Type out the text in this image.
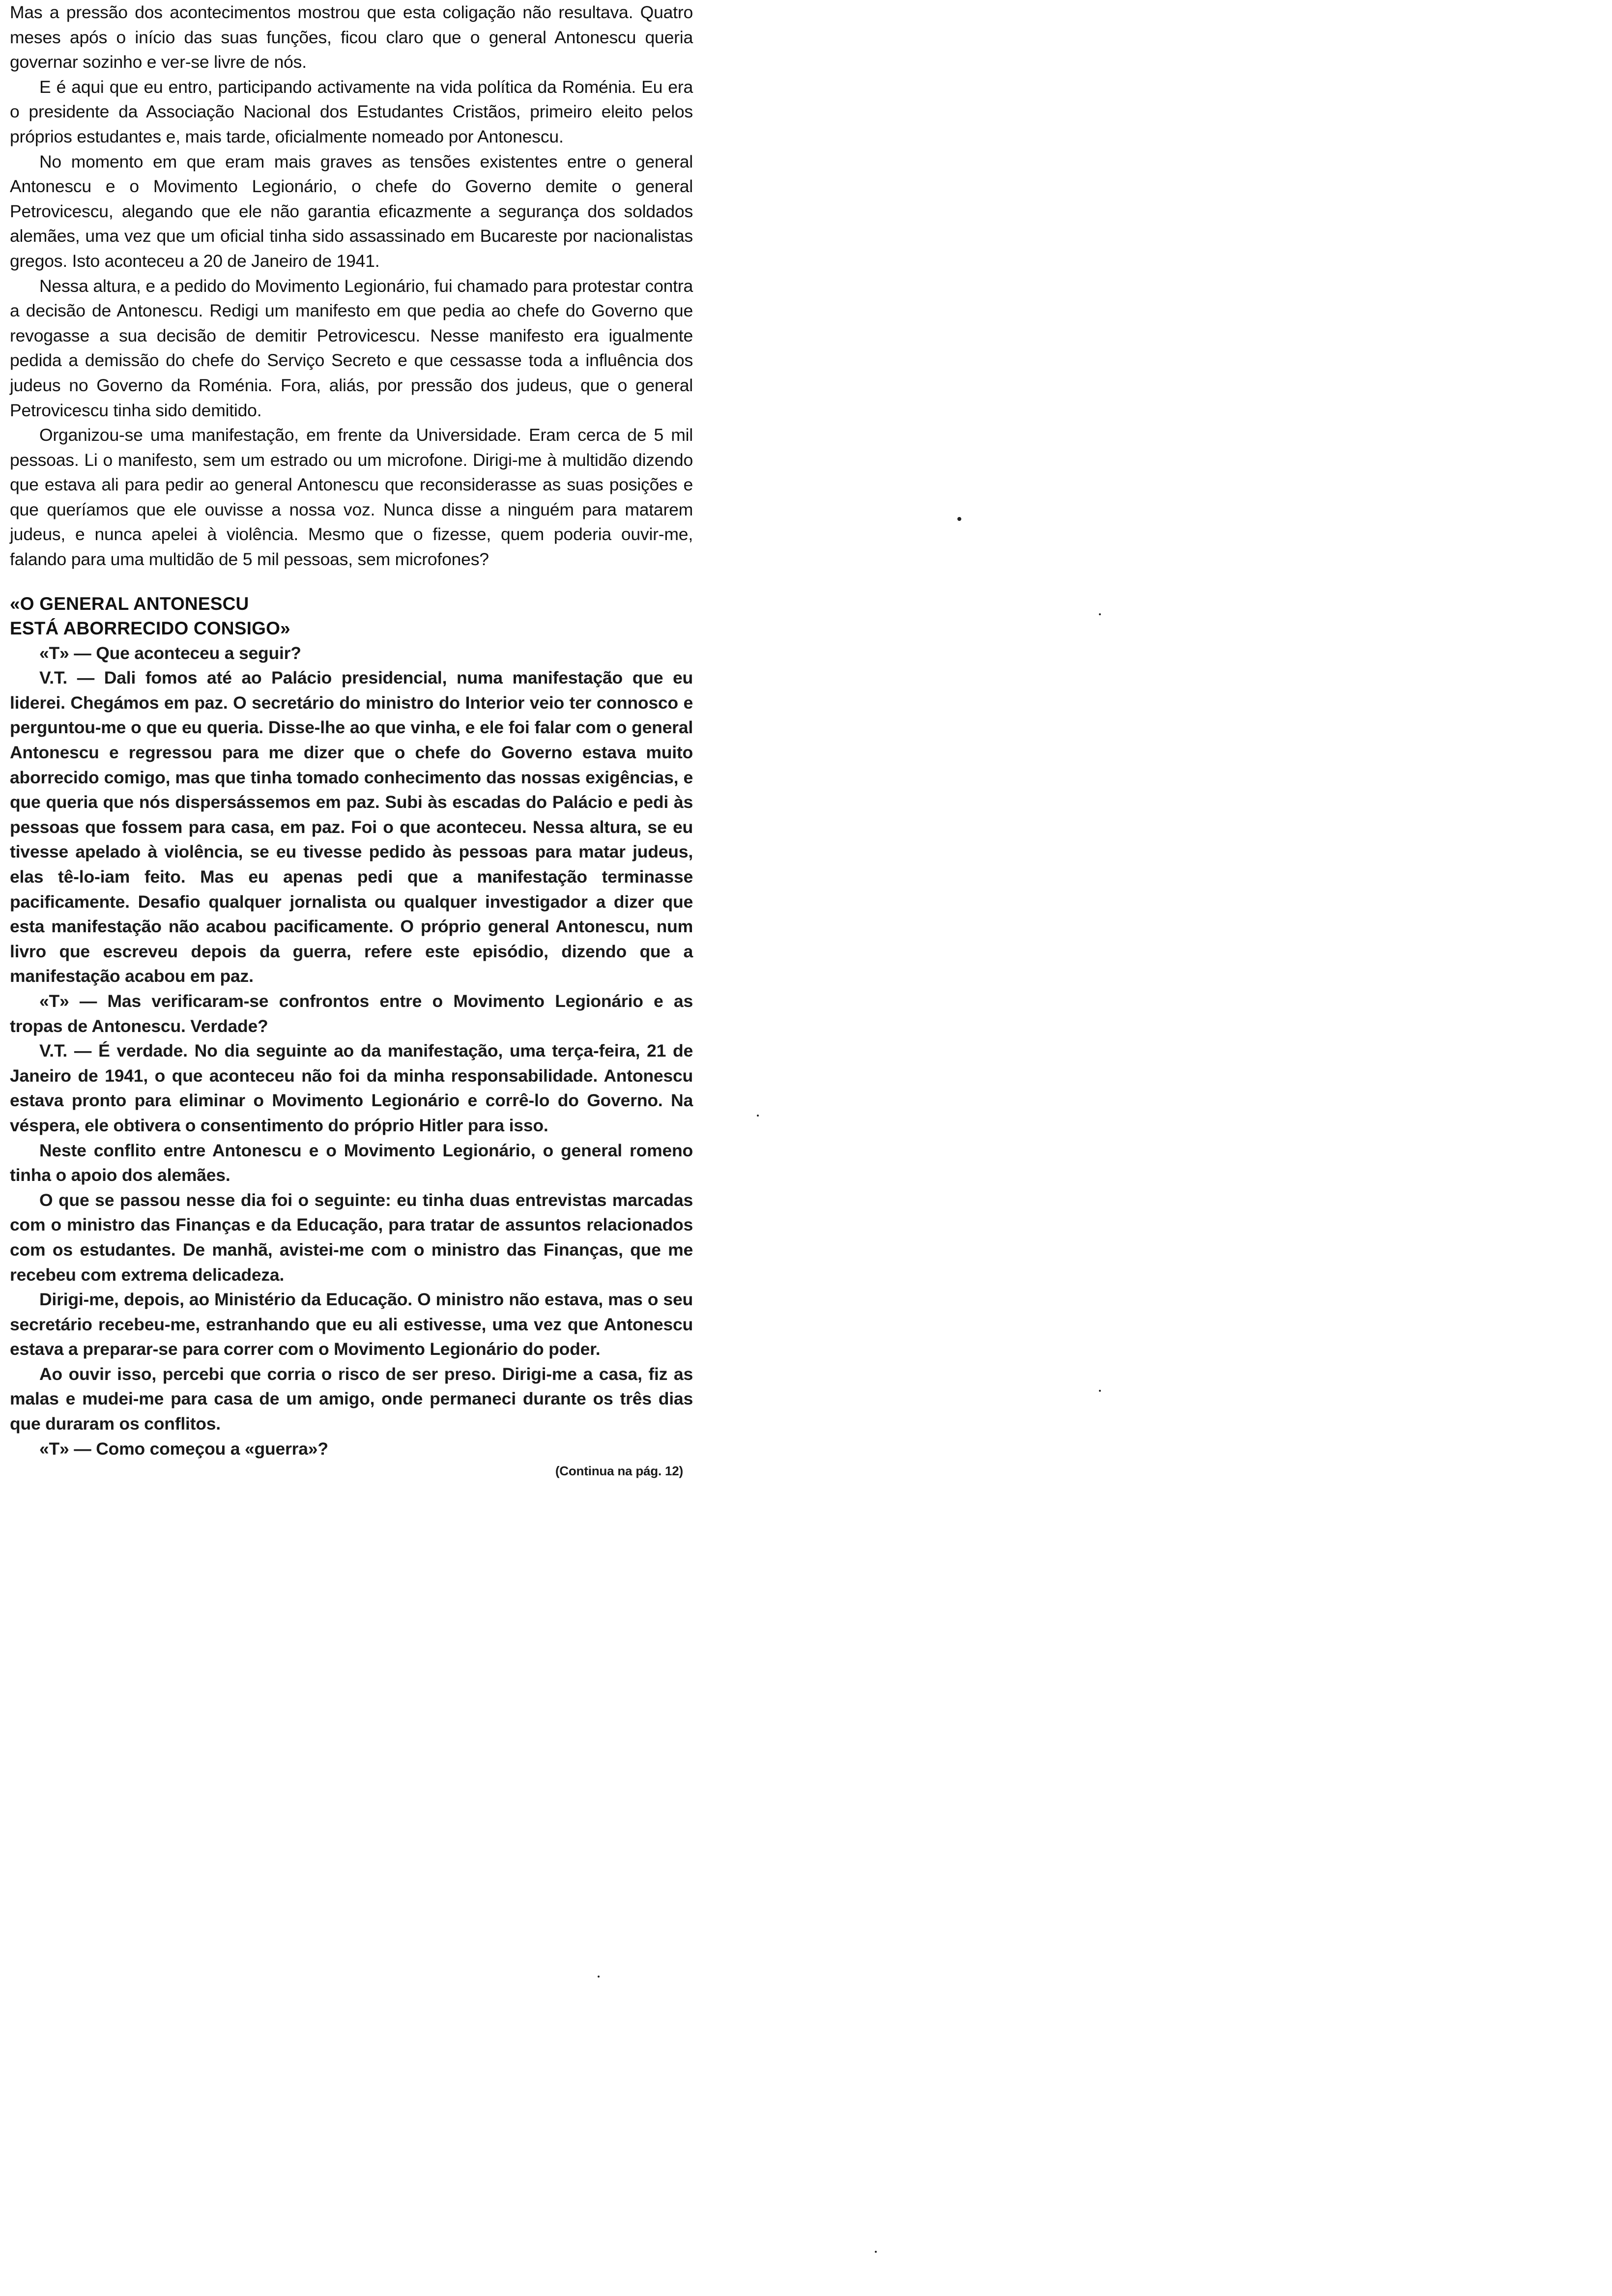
Mas a pressão dos acontecimentos mostrou que esta coligação não resultava. Quatro meses após o início das suas funções, ficou claro que o general Antonescu queria governar sozinho e ver-se livre de nós.

E é aqui que eu entro, participando activamente na vida política da Roménia. Eu era o presidente da Associação Nacional dos Estudantes Cristãos, primeiro eleito pelos próprios estudantes e, mais tarde, oficialmente nomeado por Antonescu.

No momento em que eram mais graves as tensões existentes entre o general Antonescu e o Movimento Legionário, o chefe do Governo demite o general Petrovicescu, alegando que ele não garantia eficazmente a segurança dos soldados alemães, uma vez que um oficial tinha sido assassinado em Bucareste por nacionalistas gregos. Isto aconteceu a 20 de Janeiro de 1941.

Nessa altura, e a pedido do Movimento Legionário, fui chamado para protestar contra a decisão de Antonescu. Redigi um manifesto em que pedia ao chefe do Governo que revogasse a sua decisão de demitir Petrovicescu. Nesse manifesto era igualmente pedida a demissão do chefe do Serviço Secreto e que cessasse toda a influência dos judeus no Governo da Roménia. Fora, aliás, por pressão dos judeus, que o general Petrovicescu tinha sido demitido.

Organizou-se uma manifestação, em frente da Universidade. Eram cerca de 5 mil pessoas. Li o manifesto, sem um estrado ou um microfone. Dirigi-me à multidão dizendo que estava ali para pedir ao general Antonescu que reconsiderasse as suas posições e que queríamos que ele ouvisse a nossa voz. Nunca disse a ninguém para matarem judeus, e nunca apelei à violência. Mesmo que o fizesse, quem poderia ouvir-me, falando para uma multidão de 5 mil pessoas, sem microfones?

«O GENERAL ANTONESCU
ESTÁ ABORRECIDO CONSIGO»

«T» — Que aconteceu a seguir?

V.T. — Dali fomos até ao Palácio presidencial, numa manifestação que eu liderei. Chegámos em paz. O secretário do ministro do Interior veio ter connosco e perguntou-me o que eu queria. Disse-lhe ao que vinha, e ele foi falar com o general Antonescu e regressou para me dizer que o chefe do Governo estava muito aborrecido comigo, mas que tinha tomado conhecimento das nossas exigências, e que queria que nós dispersássemos em paz. Subi às escadas do Palácio e pedi às pessoas que fossem para casa, em paz. Foi o que aconteceu. Nessa altura, se eu tivesse apelado à violência, se eu tivesse pedido às pessoas para matar judeus, elas tê-lo-iam feito. Mas eu apenas pedi que a manifestação terminasse pacificamente. Desafio qualquer jornalista ou qualquer investigador a dizer que esta manifestação não acabou pacificamente. O próprio general Antonescu, num livro que escreveu depois da guerra, refere este episódio, dizendo que a manifestação acabou em paz.

«T» — Mas verificaram-se confrontos entre o Movimento Legionário e as tropas de Antonescu. Verdade?

V.T. — É verdade. No dia seguinte ao da manifestação, uma terça-feira, 21 de Janeiro de 1941, o que aconteceu não foi da minha responsabilidade. Antonescu estava pronto para eliminar o Movimento Legionário e corrê-lo do Governo. Na véspera, ele obtivera o consentimento do próprio Hitler para isso.

Neste conflito entre Antonescu e o Movimento Legionário, o general romeno tinha o apoio dos alemães.

O que se passou nesse dia foi o seguinte: eu tinha duas entrevistas marcadas com o ministro das Finanças e da Educação, para tratar de assuntos relacionados com os estudantes. De manhã, avistei-me com o ministro das Finanças, que me recebeu com extrema delicadeza.

Dirigi-me, depois, ao Ministério da Educação. O ministro não estava, mas o seu secretário recebeu-me, estranhando que eu ali estivesse, uma vez que Antonescu estava a preparar-se para correr com o Movimento Legionário do poder.

Ao ouvir isso, percebi que corria o risco de ser preso. Dirigi-me a casa, fiz as malas e mudei-me para casa de um amigo, onde permaneci durante os três dias que duraram os conflitos.

«T» — Como começou a «guerra»?

(Continua na pág. 12)
